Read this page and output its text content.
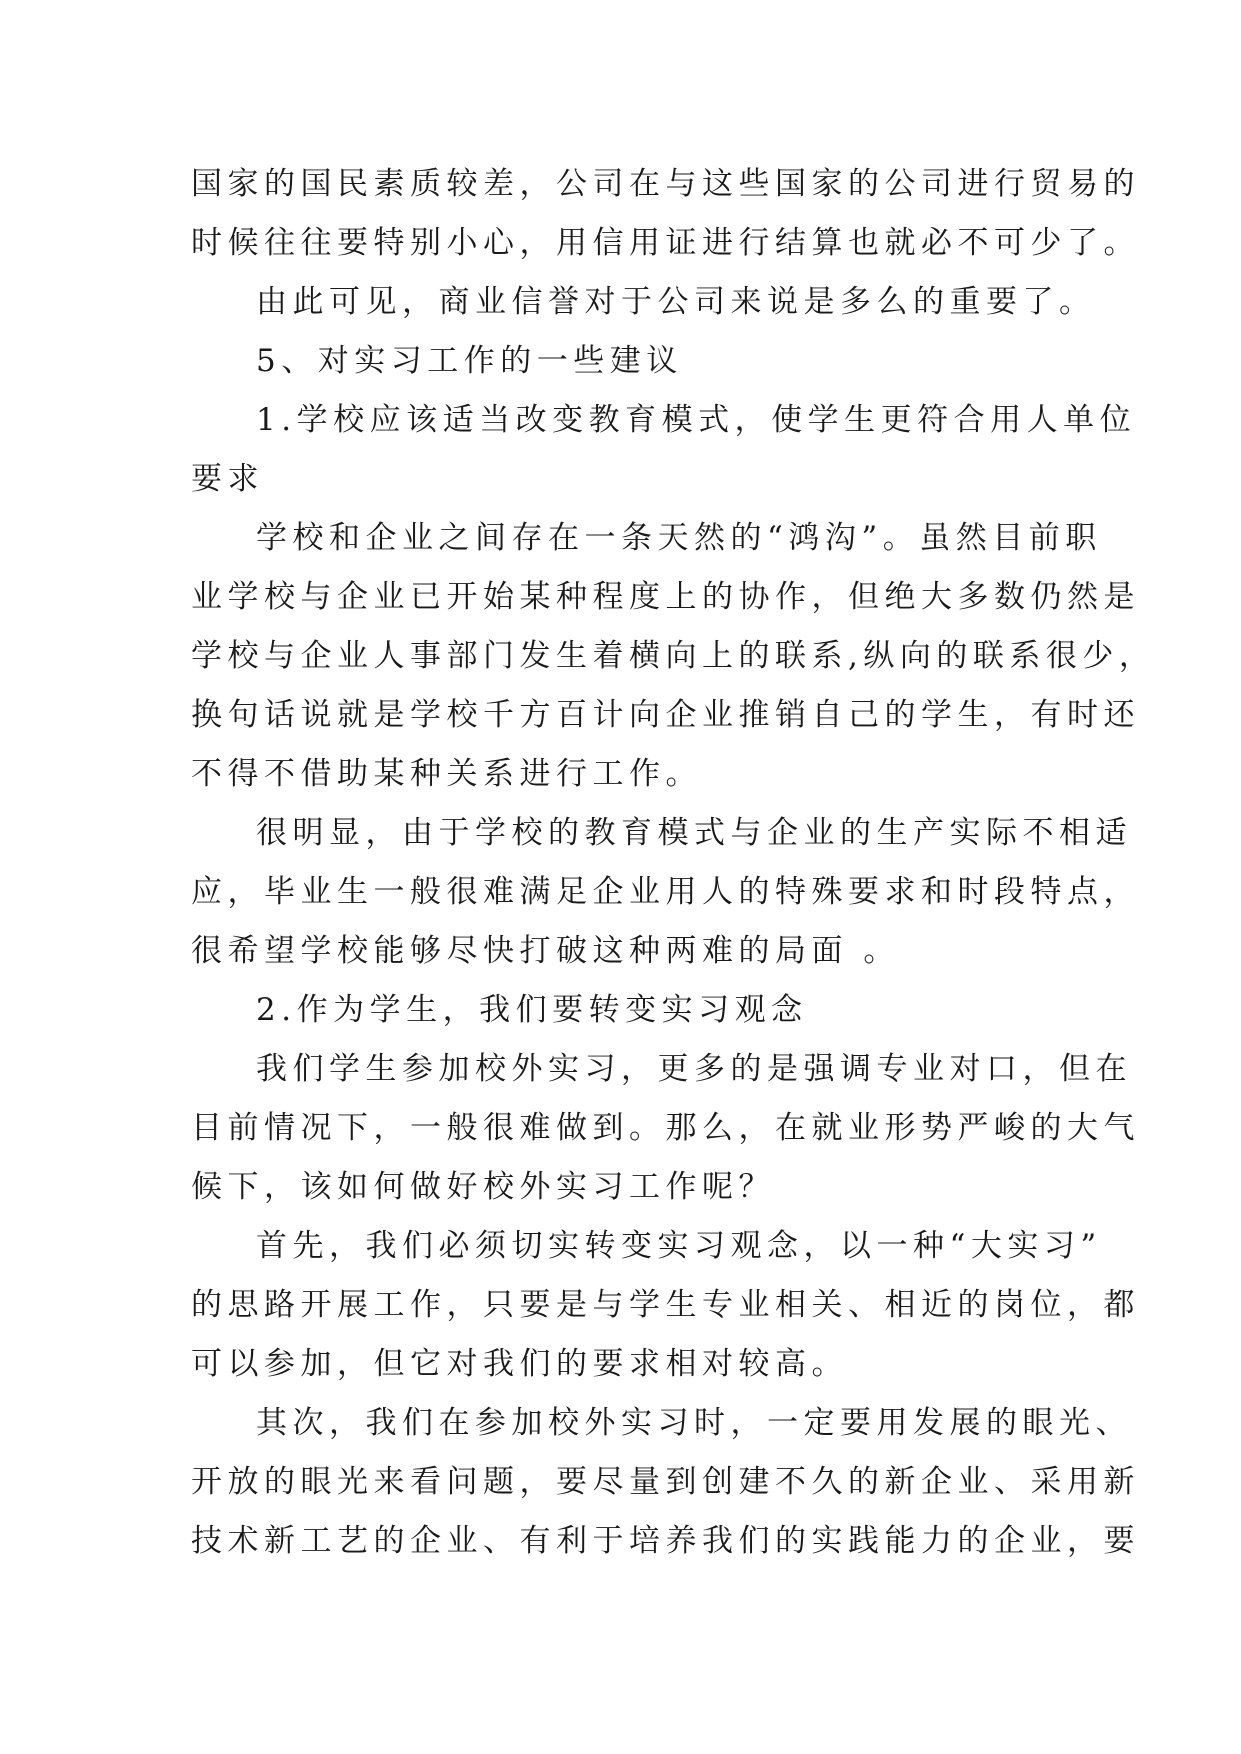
国家的国民素质较差，公司在与这些国家的公司进行贸易的
时候往往要特别小心，用信用证进行结算也就必不可少了。
由此可见，商业信誉对于公司来说是多么的重要了。
5、对实习工作的一些建议
1.学校应该适当改变教育模式，使学生更符合用人单位
要求
学校和企业之间存在一条天然的“鸿沟”。虽然目前职
业学校与企业已开始某种程度上的协作，但绝大多数仍然是
学校与企业人事部门发生着横向上的联系,纵向的联系很少，
换句话说就是学校千方百计向企业推销自己的学生，有时还
不得不借助某种关系进行工作。
很明显，由于学校的教育模式与企业的生产实际不相适
应，毕业生一般很难满足企业用人的特殊要求和时段特点，
很希望学校能够尽快打破这种两难的局面 。
2.作为学生，我们要转变实习观念
我们学生参加校外实习，更多的是强调专业对口，但在
目前情况下，一般很难做到。那么，在就业形势严峻的大气
候下，该如何做好校外实习工作呢？
首先，我们必须切实转变实习观念，以一种“大实习”
的思路开展工作，只要是与学生专业相关、相近的岗位，都
可以参加，但它对我们的要求相对较高。
其次，我们在参加校外实习时，一定要用发展的眼光、
开放的眼光来看问题，要尽量到创建不久的新企业、采用新
技术新工艺的企业、有利于培养我们的实践能力的企业，要
